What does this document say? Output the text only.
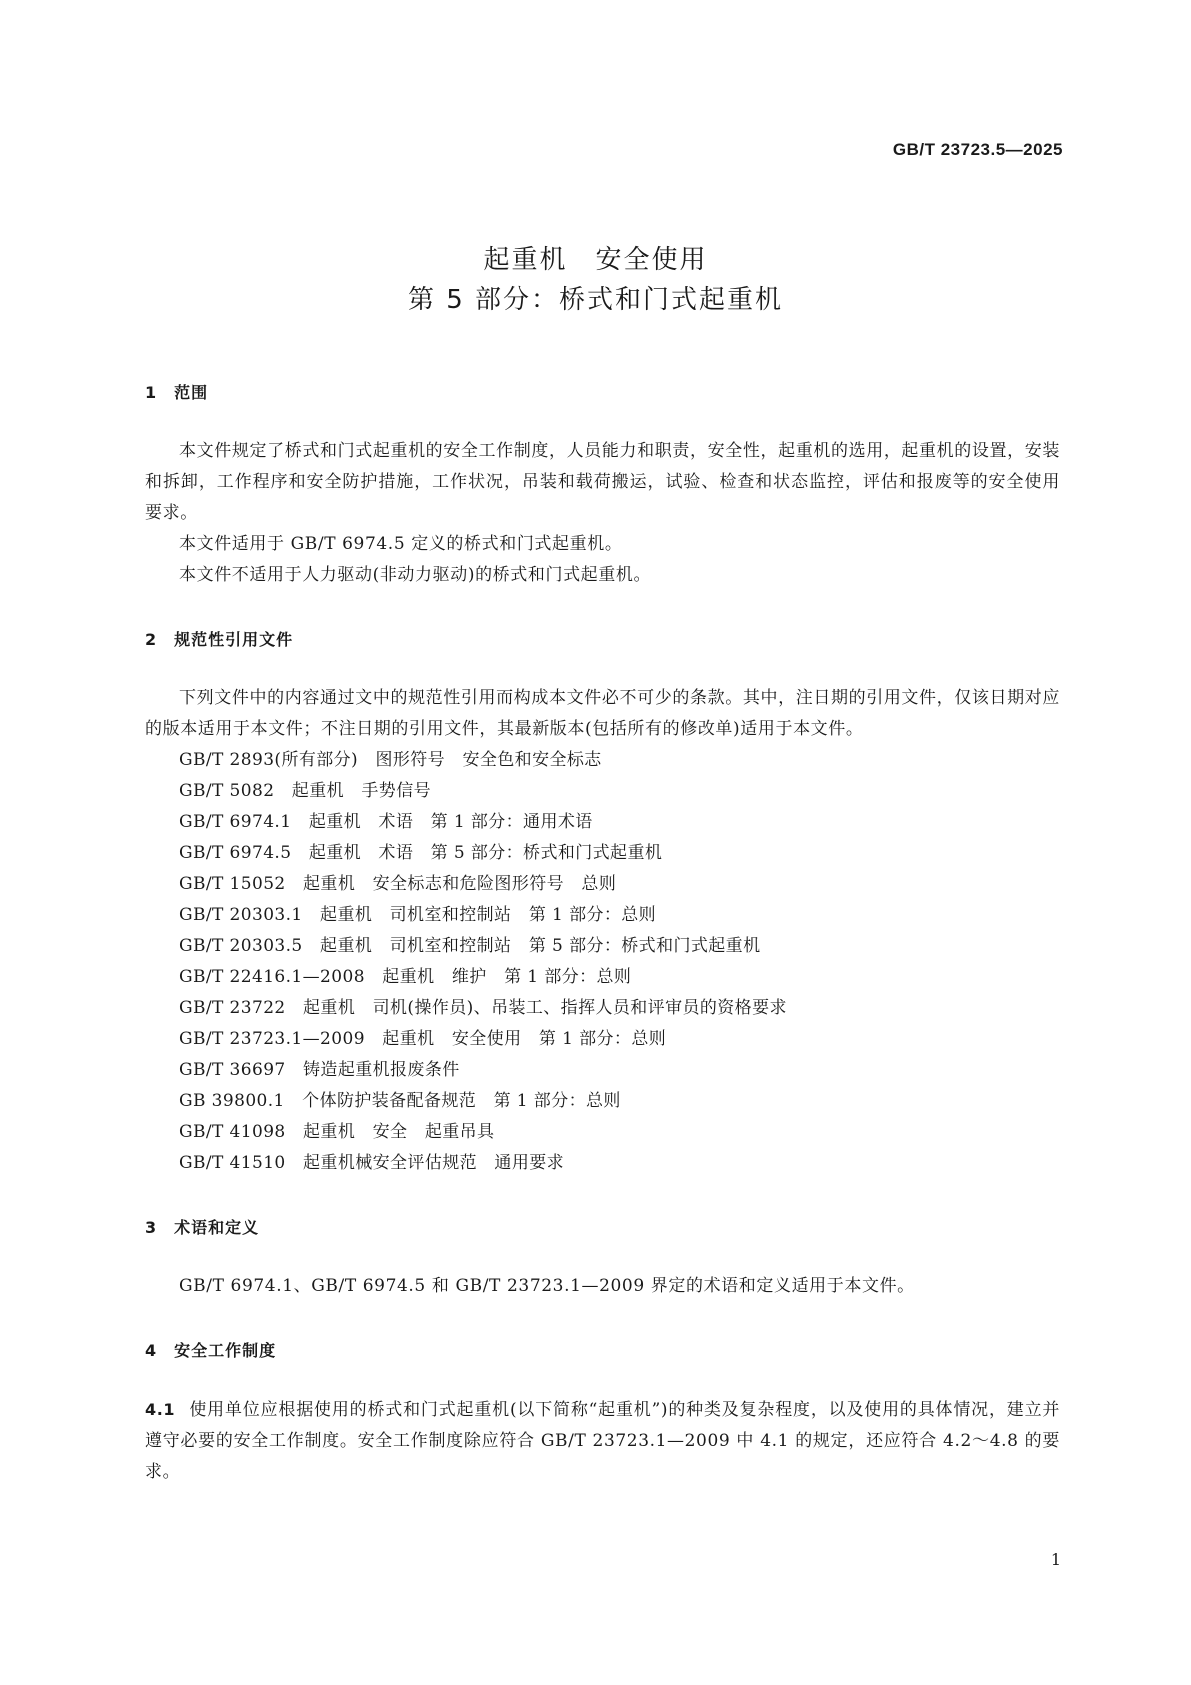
GB/T 23723.5—2025
起重机　安全使用
第 5 部分：桥式和门式起重机
1　范围

本文件规定了桥式和门式起重机的安全工作制度，人员能力和职责，安全性，起重机的选用，起重机的设置，安装和拆卸，工作程序和安全防护措施，工作状况，吊装和载荷搬运，试验、检查和状态监控，评估和报废等的安全使用要求。

本文件适用于 GB/T 6974.5 定义的桥式和门式起重机。

本文件不适用于人力驱动(非动力驱动)的桥式和门式起重机。

2　规范性引用文件

下列文件中的内容通过文中的规范性引用而构成本文件必不可少的条款。其中，注日期的引用文件，仅该日期对应的版本适用于本文件；不注日期的引用文件，其最新版本(包括所有的修改单)适用于本文件。

GB/T 2893(所有部分)　图形符号　安全色和安全标志
GB/T 5082　起重机　手势信号
GB/T 6974.1　起重机　术语　第 1 部分：通用术语
GB/T 6974.5　起重机　术语　第 5 部分：桥式和门式起重机
GB/T 15052　起重机　安全标志和危险图形符号　总则
GB/T 20303.1　起重机　司机室和控制站　第 1 部分：总则
GB/T 20303.5　起重机　司机室和控制站　第 5 部分：桥式和门式起重机
GB/T 22416.1—2008　起重机　维护　第 1 部分：总则
GB/T 23722　起重机　司机(操作员)、吊装工、指挥人员和评审员的资格要求
GB/T 23723.1—2009　起重机　安全使用　第 1 部分：总则
GB/T 36697　铸造起重机报废条件
GB 39800.1　个体防护装备配备规范　第 1 部分：总则
GB/T 41098　起重机　安全　起重吊具
GB/T 41510　起重机械安全评估规范　通用要求
3　术语和定义

GB/T 6974.1、GB/T 6974.5 和 GB/T 23723.1—2009 界定的术语和定义适用于本文件。

4　安全工作制度

4.1 使用单位应根据使用的桥式和门式起重机(以下简称“起重机”)的种类及复杂程度，以及使用的具体情况，建立并遵守必要的安全工作制度。安全工作制度除应符合 GB/T 23723.1—2009 中 4.1 的规定，还应符合 4.2～4.8 的要求。

1
